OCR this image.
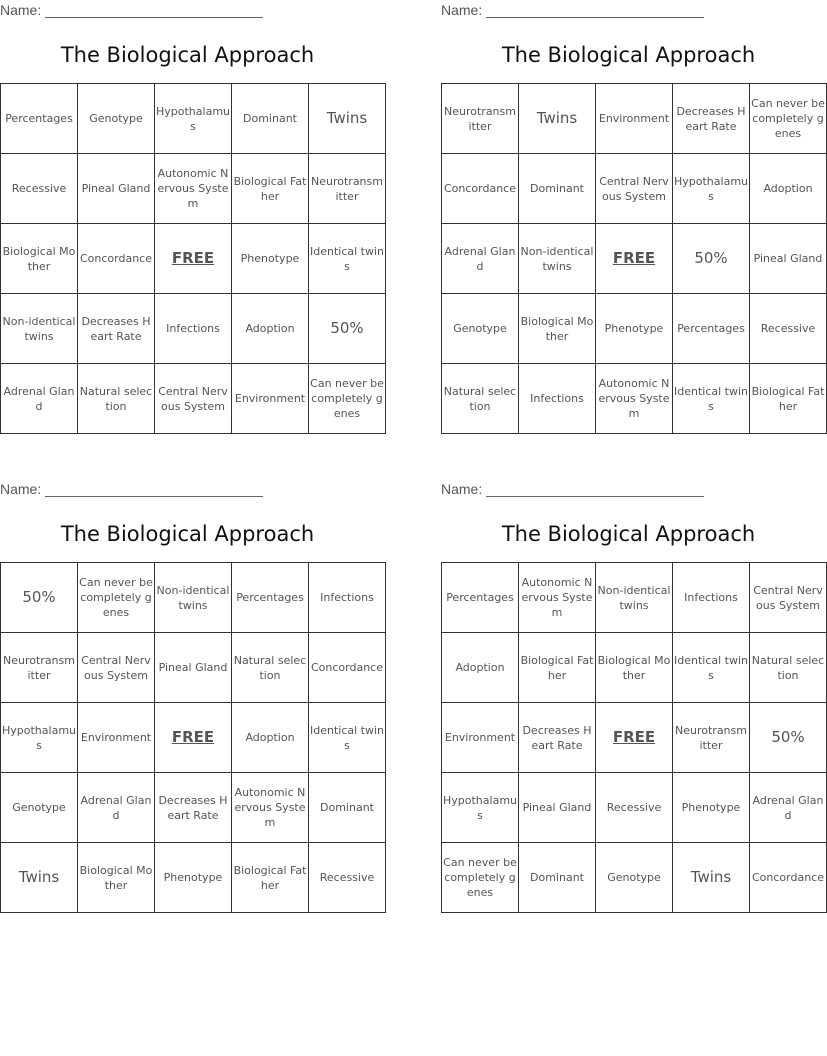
Name:
The Biological Approach
Percentages	Genotype	Hypothalamus	Dominant	Twins
Recessive	Pineal Gland	Autonomic Nervous System	Biological Father	Neurotransmitter
Biological Mother	Concordance	FREE	Phenotype	Identical twins
Non-identical twins	Decreases Heart Rate	Infections	Adoption	50%
Adrenal Gland	Natural selection	Central Nervous System	Environment	Can never be completely genes
Name:
The Biological Approach
Neurotransmitter	Twins	Environment	Decreases Heart Rate	Can never be completely genes
Concordance	Dominant	Central Nervous System	Hypothalamus	Adoption
Adrenal Gland	Non-identical twins	FREE	50%	Pineal Gland
Genotype	Biological Mother	Phenotype	Percentages	Recessive
Natural selection	Infections	Autonomic Nervous System	Identical twins	Biological Father
Name:
The Biological Approach
50%	Can never be completely genes	Non-identical twins	Percentages	Infections
Neurotransmitter	Central Nervous System	Pineal Gland	Natural selection	Concordance
Hypothalamus	Environment	FREE	Adoption	Identical twins
Genotype	Adrenal Gland	Decreases Heart Rate	Autonomic Nervous System	Dominant
Twins	Biological Mother	Phenotype	Biological Father	Recessive
Name:
The Biological Approach
Percentages	Autonomic Nervous System	Non-identical twins	Infections	Central Nervous System
Adoption	Biological Father	Biological Mother	Identical twins	Natural selection
Environment	Decreases Heart Rate	FREE	Neurotransmitter	50%
Hypothalamus	Pineal Gland	Recessive	Phenotype	Adrenal Gland
Can never be completely genes	Dominant	Genotype	Twins	Concordance
